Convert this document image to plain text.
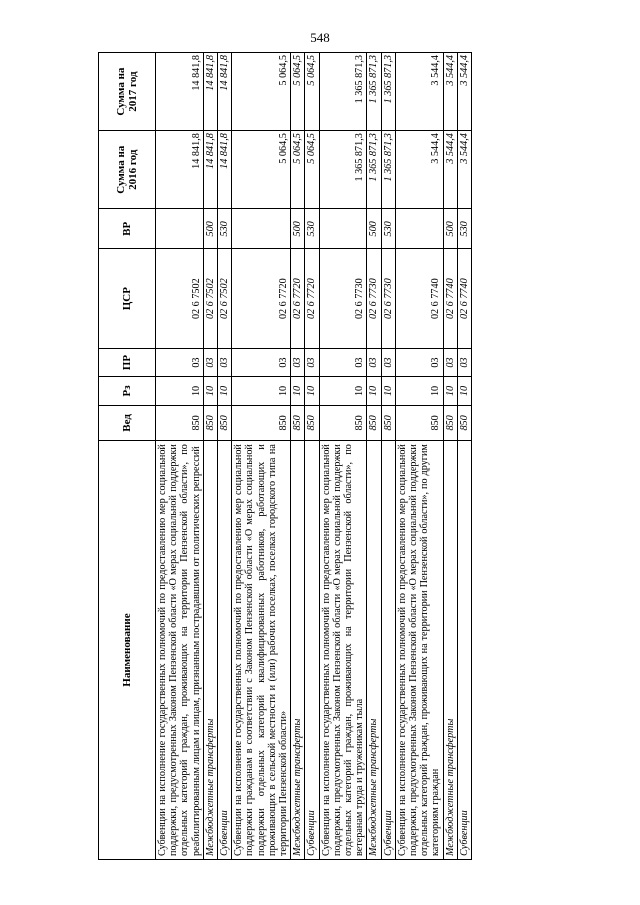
548
Наименование	Вед	Рз	ПР	ЦСР	ВР	Сумма на 2016 год	Сумма на 2017 год
Субвенции на исполнение государственных полномочий по предоставлению мер социальной поддержки, предусмотренных Законом Пензенской области «О мерах социальной поддержки отдельных категорий граждан, проживающих на территории Пензенской области», по реабилитированным лицам и лицам, признанным пострадавшими от политических репрессий	850	10	03	02 6 7502		14 841,8	14 841,8
Межбюджетные трансферты	850	10	03	02 6 7502	500	14 841,8	14 841,8
Субвенции	850	10	03	02 6 7502	530	14 841,8	14 841,8
Субвенции на исполнение государственных полномочий по предоставлению мер социальной поддержки гражданам в соответствии с Законом Пензенской области «О мерах социальной поддержки отдельных категорий квалифицированных работников, работающих и проживающих в сельской местности и (или) рабочих поселках, поселках городского типа на территории Пензенской области»	850	10	03	02 6 7720		5 064,5	5 064,5
Межбюджетные трансферты	850	10	03	02 6 7720	500	5 064,5	5 064,5
Субвенции	850	10	03	02 6 7720	530	5 064,5	5 064,5
Субвенции на исполнение государственных полномочий по предоставлению мер социальной поддержки, предусмотренных Законом Пензенской области «О мерах социальной поддержки отдельных категорий граждан, проживающих на территории Пензенской области», по ветеранам труда и труженикам тыла	850	10	03	02 6 7730		1 365 871,3	1 365 871,3
Межбюджетные трансферты	850	10	03	02 6 7730	500	1 365 871,3	1 365 871,3
Субвенции	850	10	03	02 6 7730	530	1 365 871,3	1 365 871,3
Субвенции на исполнение государственных полномочий по предоставлению мер социальной поддержки, предусмотренных Законом Пензенской области «О мерах социальной поддержки отдельных категорий граждан, проживающих на территории Пензенской области», по другим категориям граждан	850	10	03	02 6 7740		3 544,4	3 544,4
Межбюджетные трансферты	850	10	03	02 6 7740	500	3 544,4	3 544,4
Субвенции	850	10	03	02 6 7740	530	3 544,4	3 544,4
